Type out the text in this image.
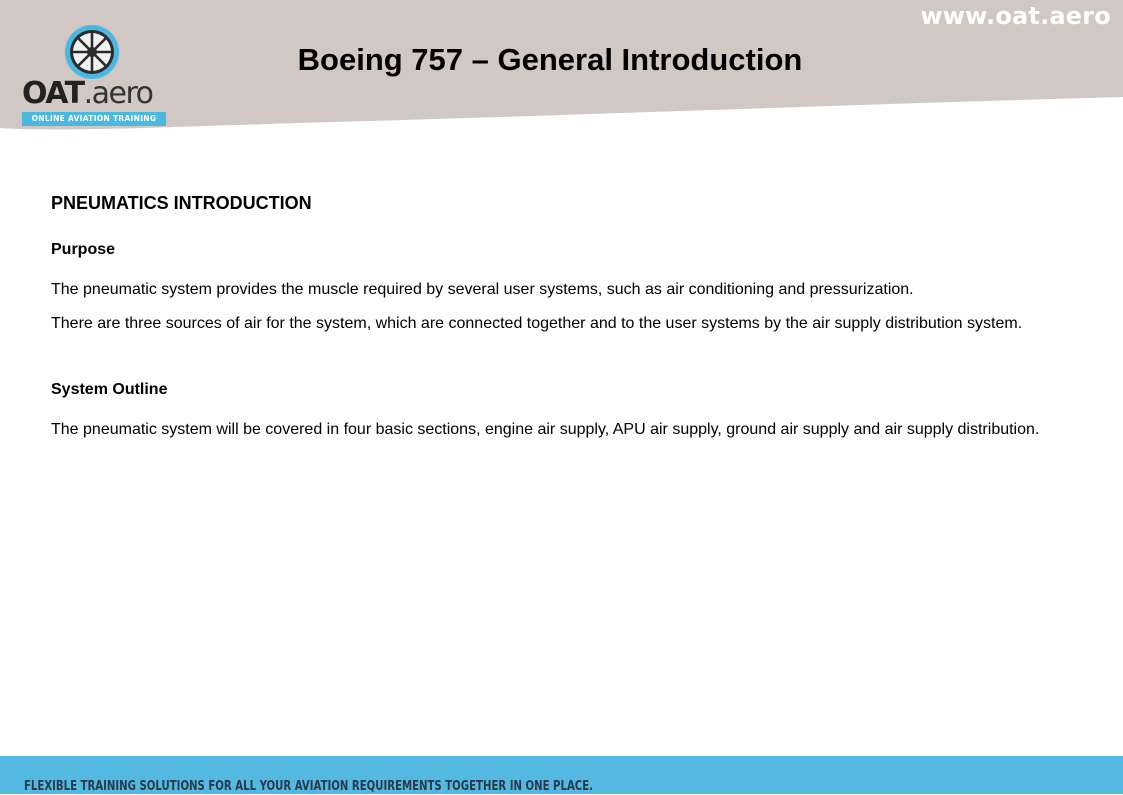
www.oat.aero
OAT.aero
ONLINE AVIATION TRAINING
Boeing 757 – General Introduction
PNEUMATICS INTRODUCTION
Purpose

The pneumatic system provides the muscle required by several user systems, such as air conditioning and pressurization.

There are three sources of air for the system, which are connected together and to the user systems by the air supply distribution system.

System Outline

The pneumatic system will be covered in four basic sections, engine air supply, APU air supply, ground air supply and air supply distribution.

FLEXIBLE TRAINING SOLUTIONS FOR ALL YOUR AVIATION REQUIREMENTS TOGETHER IN ONE PLACE.
